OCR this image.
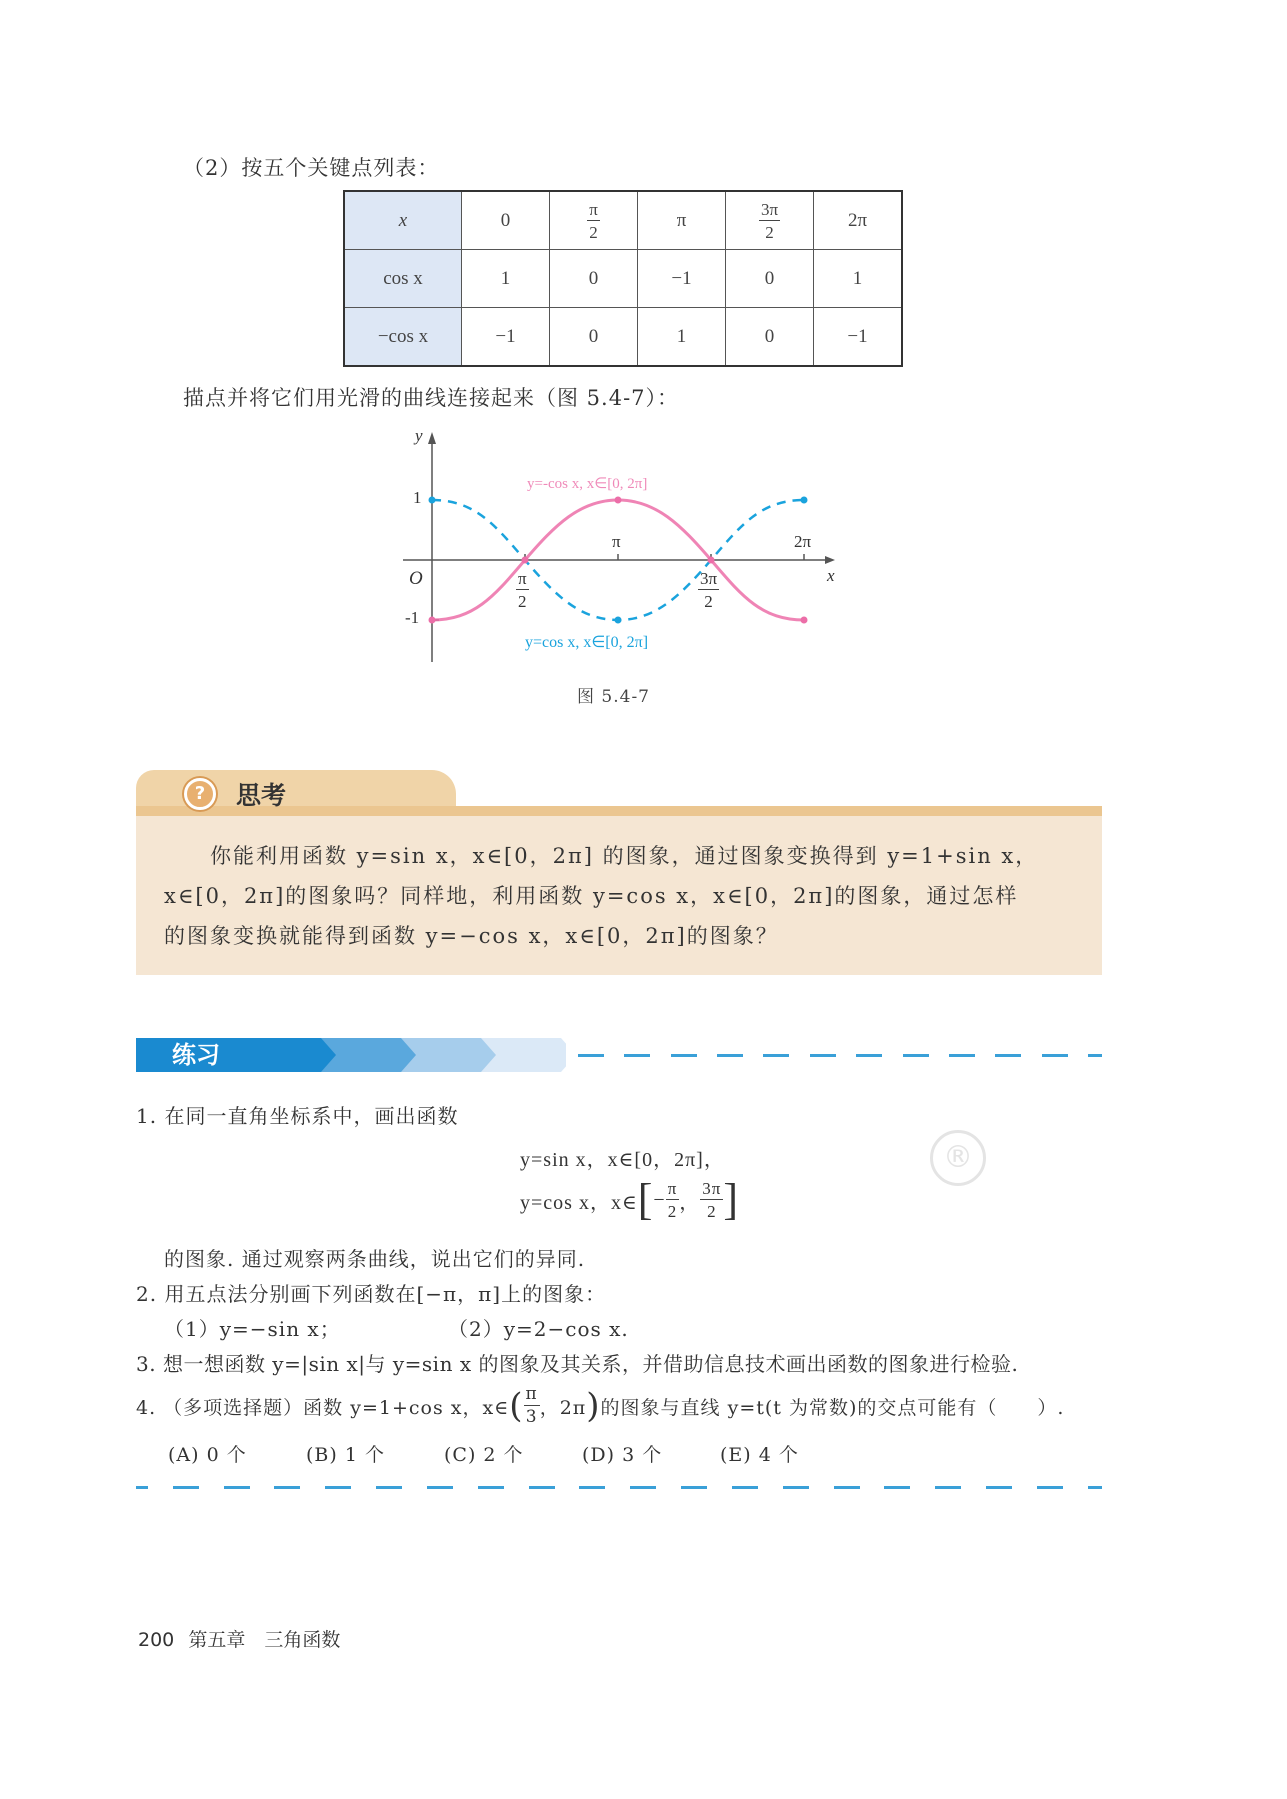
（2）按五个关键点列表：
x	0	$\frac{\pi}{2}$	π	$\frac{3\pi}{2}$	2π
cos x	1	0	−1	0	1
−cos x	−1	0	1	0	−1
描点并将它们用光滑的曲线连接起来（图 5.4-7）：
y
1
-1
O	x
π	2π
$\frac{\pi}{2}$	$\frac{3\pi}{2}$
y=-cos x, x∈[0, 2π]
y=cos x, x∈[0, 2π]
图 5.4-7
?	思考
你能利用函数 y=sin x，x∈[0，2π] 的图象，通过图象变换得到 y=1+sin x，
x∈[0，2π]的图象吗？同样地，利用函数 y=cos x，x∈[0，2π]的图象，通过怎样
的图象变换就能得到函数 y=−cos x，x∈[0，2π]的图象？
练习
®
1. 在同一直角坐标系中，画出函数
y=sin x，x∈[0，2π]，
y=cos x，x∈ [ − $\frac{\pi}{2}$ ， $\frac{3\pi}{2}$ ]
的图象. 通过观察两条曲线，说出它们的异同.
2. 用五点法分别画下列函数在[−π，π]上的图象：
（1）y=−sin x；	（2）y=2−cos x.
3. 想一想函数 y=|sin x|与 y=sin x 的图象及其关系，并借助信息技术画出函数的图象进行检验.
4. （多项选择题）函数 y=1+cos x，x∈ ( $\frac{\pi}{3}$ ，2π ) 的图象与直线 y=t(t 为常数)的交点可能有（　　）.
(A) 0 个	(B) 1 个	(C) 2 个	(D) 3 个	(E) 4 个
200 第五章　三角函数
